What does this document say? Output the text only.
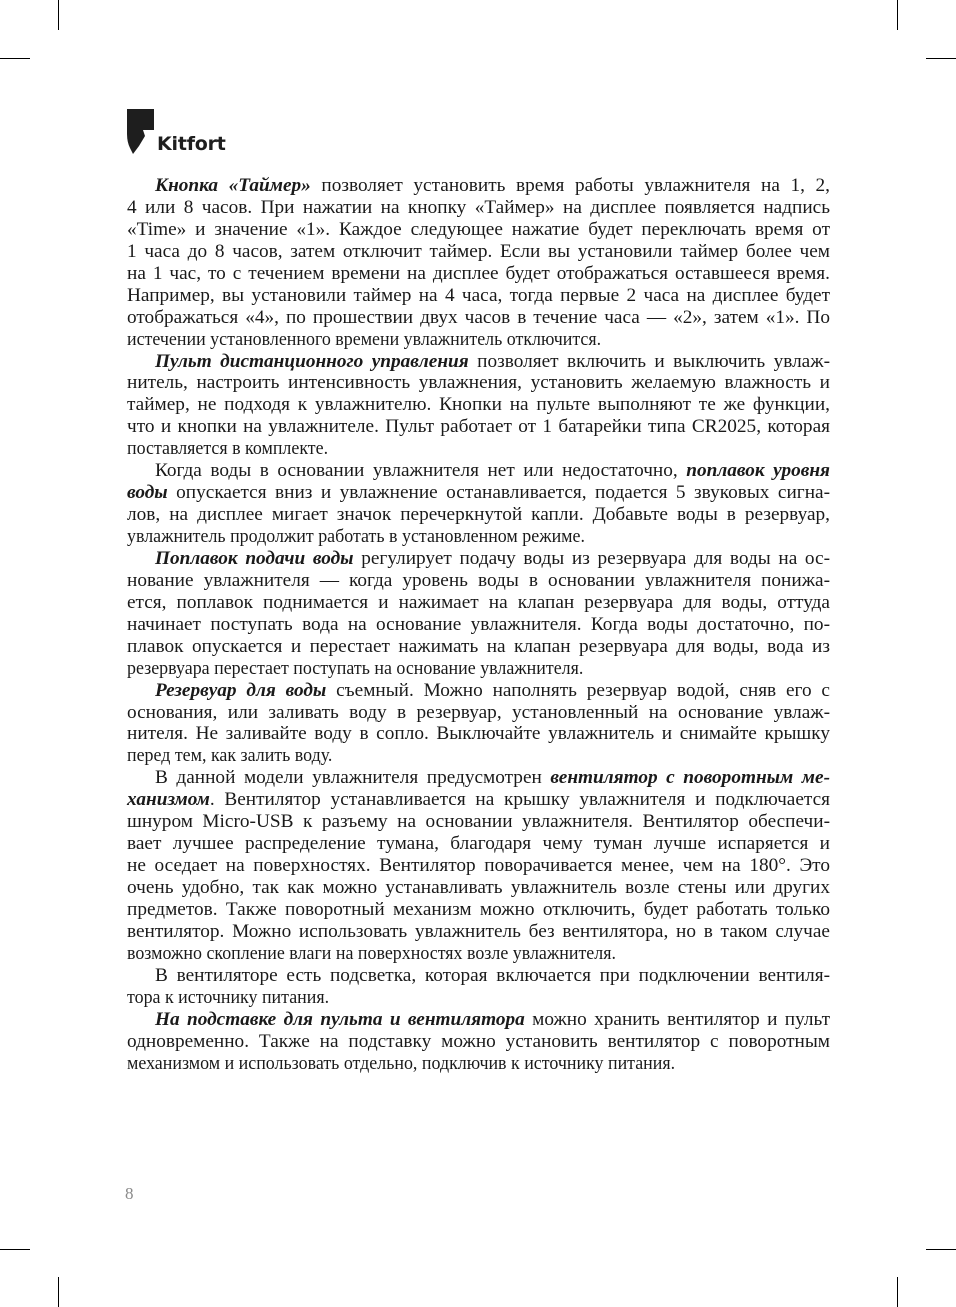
Kitfort
Кнопка «Таймер» позволяет установить время работы увлажнителя на 1, 2,
4 или 8 часов. При нажатии на кнопку «Таймер» на дисплее появляется надпись
«Time» и значение «1». Каждое следующее нажатие будет переключать время от
1 часа до 8 часов, затем отключит таймер. Если вы установили таймер более чем
на 1 час, то с течением времени на дисплее будет отображаться оставшееся время.
Например, вы установили таймер на 4 часа, тогда первые 2 часа на дисплее будет
отображаться «4», по прошествии двух часов в течение часа — «2», затем «1». По
истечении установленного времени увлажнитель отключится.
Пульт дистанционного управления позволяет включить и выключить увлаж-
нитель, настроить интенсивность увлажнения, установить желаемую влажность и
таймер, не подходя к увлажнителю. Кнопки на пульте выполняют те же функции,
что и кнопки на увлажнителе. Пульт работает от 1 батарейки типа CR2025, которая
поставляется в комплекте.
Когда воды в основании увлажнителя нет или недостаточно, поплавок уровня
воды опускается вниз и увлажнение останавливается, подается 5 звуковых сигна-
лов, на дисплее мигает значок перечеркнутой капли. Добавьте воды в резервуар,
увлажнитель продолжит работать в установленном режиме.
Поплавок подачи воды регулирует подачу воды из резервуара для воды на ос-
нование увлажнителя — когда уровень воды в основании увлажнителя понижа-
ется, поплавок поднимается и нажимает на клапан резервуара для воды, оттуда
начинает поступать вода на основание увлажнителя. Когда воды достаточно, по-
плавок опускается и перестает нажимать на клапан резервуара для воды, вода из
резервуара перестает поступать на основание увлажнителя.
Резервуар для воды съемный. Можно наполнять резервуар водой, сняв его с
основания, или заливать воду в резервуар, установленный на основание увлаж-
нителя. Не заливайте воду в сопло. Выключайте увлажнитель и снимайте крышку
перед тем, как залить воду.
В данной модели увлажнителя предусмотрен вентилятор с поворотным ме-
ханизмом. Вентилятор устанавливается на крышку увлажнителя и подключается
шнуром Micro-USB к разъему на основании увлажнителя. Вентилятор обеспечи-
вает лучшее распределение тумана, благодаря чему туман лучше испаряется и
не оседает на поверхностях. Вентилятор поворачивается менее, чем на 180°. Это
очень удобно, так как можно устанавливать увлажнитель возле стены или других
предметов. Также поворотный механизм можно отключить, будет работать только
вентилятор. Можно использовать увлажнитель без вентилятора, но в таком случае
возможно скопление влаги на поверхностях возле увлажнителя.
В вентиляторе есть подсветка, которая включается при подключении вентиля-
тора к источнику питания.
На подставке для пульта и вентилятора можно хранить вентилятор и пульт
одновременно. Также на подставку можно установить вентилятор с поворотным
механизмом и использовать отдельно, подключив к источнику питания.
8
